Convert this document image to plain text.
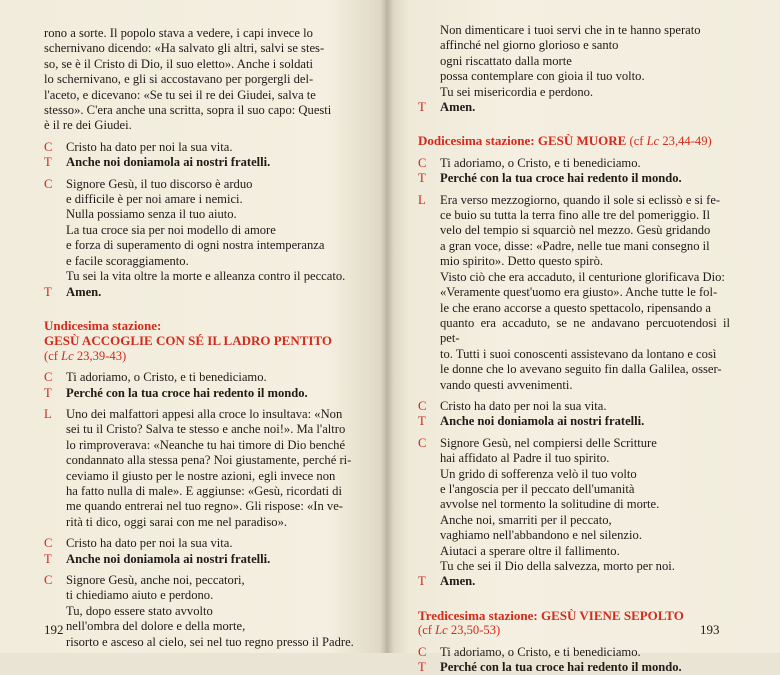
rono a sorte. Il popolo stava a vedere, i capi invece lo
schernivano dicendo: «Ha salvato gli altri, salvi se stes-
so, se è il Cristo di Dio, il suo eletto». Anche i soldati
lo schernivano, e gli si accostavano per porgergli del-
l'aceto, e dicevano: «Se tu sei il re dei Giudei, salva te
stesso». C'era anche una scritta, sopra il suo capo: Questi
è il re dei Giudei.
C	Cristo ha dato per noi la sua vita.
T	Anche noi doniamola ai nostri fratelli.
C	Signore Gesù, il tuo discorso è arduo
e difficile è per noi amare i nemici.
Nulla possiamo senza il tuo aiuto.
La tua croce sia per noi modello di amore
e forza di superamento di ogni nostra intemperanza
e facile scoraggiamento.
Tu sei la vita oltre la morte e alleanza contro il peccato.
T	Amen.
Undicesima stazione:
GESÙ ACCOGLIE CON SÉ IL LADRO PENTITO
(cf Lc 23,39-43)
C	Ti adoriamo, o Cristo, e ti benediciamo.
T	Perché con la tua croce hai redento il mondo.
L	Uno dei malfattori appesi alla croce lo insultava: «Non
sei tu il Cristo? Salva te stesso e anche noi!». Ma l'altro
lo rimproverava: «Neanche tu hai timore di Dio benché
condannato alla stessa pena? Noi giustamente, perché ri-
ceviamo il giusto per le nostre azioni, egli invece non
ha fatto nulla di male». E aggiunse: «Gesù, ricordati di
me quando entrerai nel tuo regno». Gli rispose: «In ve-
rità ti dico, oggi sarai con me nel paradiso».
C	Cristo ha dato per noi la sua vita.
T	Anche noi doniamola ai nostri fratelli.
C	Signore Gesù, anche noi, peccatori,
ti chiediamo aiuto e perdono.
Tu, dopo essere stato avvolto
nell'ombra del dolore e della morte,
risorto e asceso al cielo, sei nel tuo regno presso il Padre.
192
Non dimenticare i tuoi servi che in te hanno sperato
affinché nel giorno glorioso e santo
ogni riscattato dalla morte
possa contemplare con gioia il tuo volto.
Tu sei misericordia e perdono.
T	Amen.
Dodicesima stazione: GESÙ MUORE (cf Lc 23,44-49)
C	Ti adoriamo, o Cristo, e ti benediciamo.
T	Perché con la tua croce hai redento il mondo.
L	Era verso mezzogiorno, quando il sole si eclissò e si fe-
ce buio su tutta la terra fino alle tre del pomeriggio. Il
velo del tempio si squarciò nel mezzo. Gesù gridando
a gran voce, disse: «Padre, nelle tue mani consegno il
mio spirito». Detto questo spirò.
Visto ciò che era accaduto, il centurione glorificava Dio:
«Veramente quest'uomo era giusto». Anche tutte le fol-
le che erano accorse a questo spettacolo, ripensando a
quanto era accaduto, se ne andavano percuotendosi il pet-
to. Tutti i suoi conoscenti assistevano da lontano e così
le donne che lo avevano seguito fin dalla Galilea, osser-
vando questi avvenimenti.
C	Cristo ha dato per noi la sua vita.
T	Anche noi doniamola ai nostri fratelli.
C	Signore Gesù, nel compiersi delle Scritture
hai affidato al Padre il tuo spirito.
Un grido di sofferenza velò il tuo volto
e l'angoscia per il peccato dell'umanità
avvolse nel tormento la solitudine di morte.
Anche noi, smarriti per il peccato,
vaghiamo nell'abbandono e nel silenzio.
Aiutaci a sperare oltre il fallimento.
Tu che sei il Dio della salvezza, morto per noi.
T	Amen.
Tredicesima stazione: GESÙ VIENE SEPOLTO
(cf Lc 23,50-53)
C	Ti adoriamo, o Cristo, e ti benediciamo.
T	Perché con la tua croce hai redento il mondo.
193
